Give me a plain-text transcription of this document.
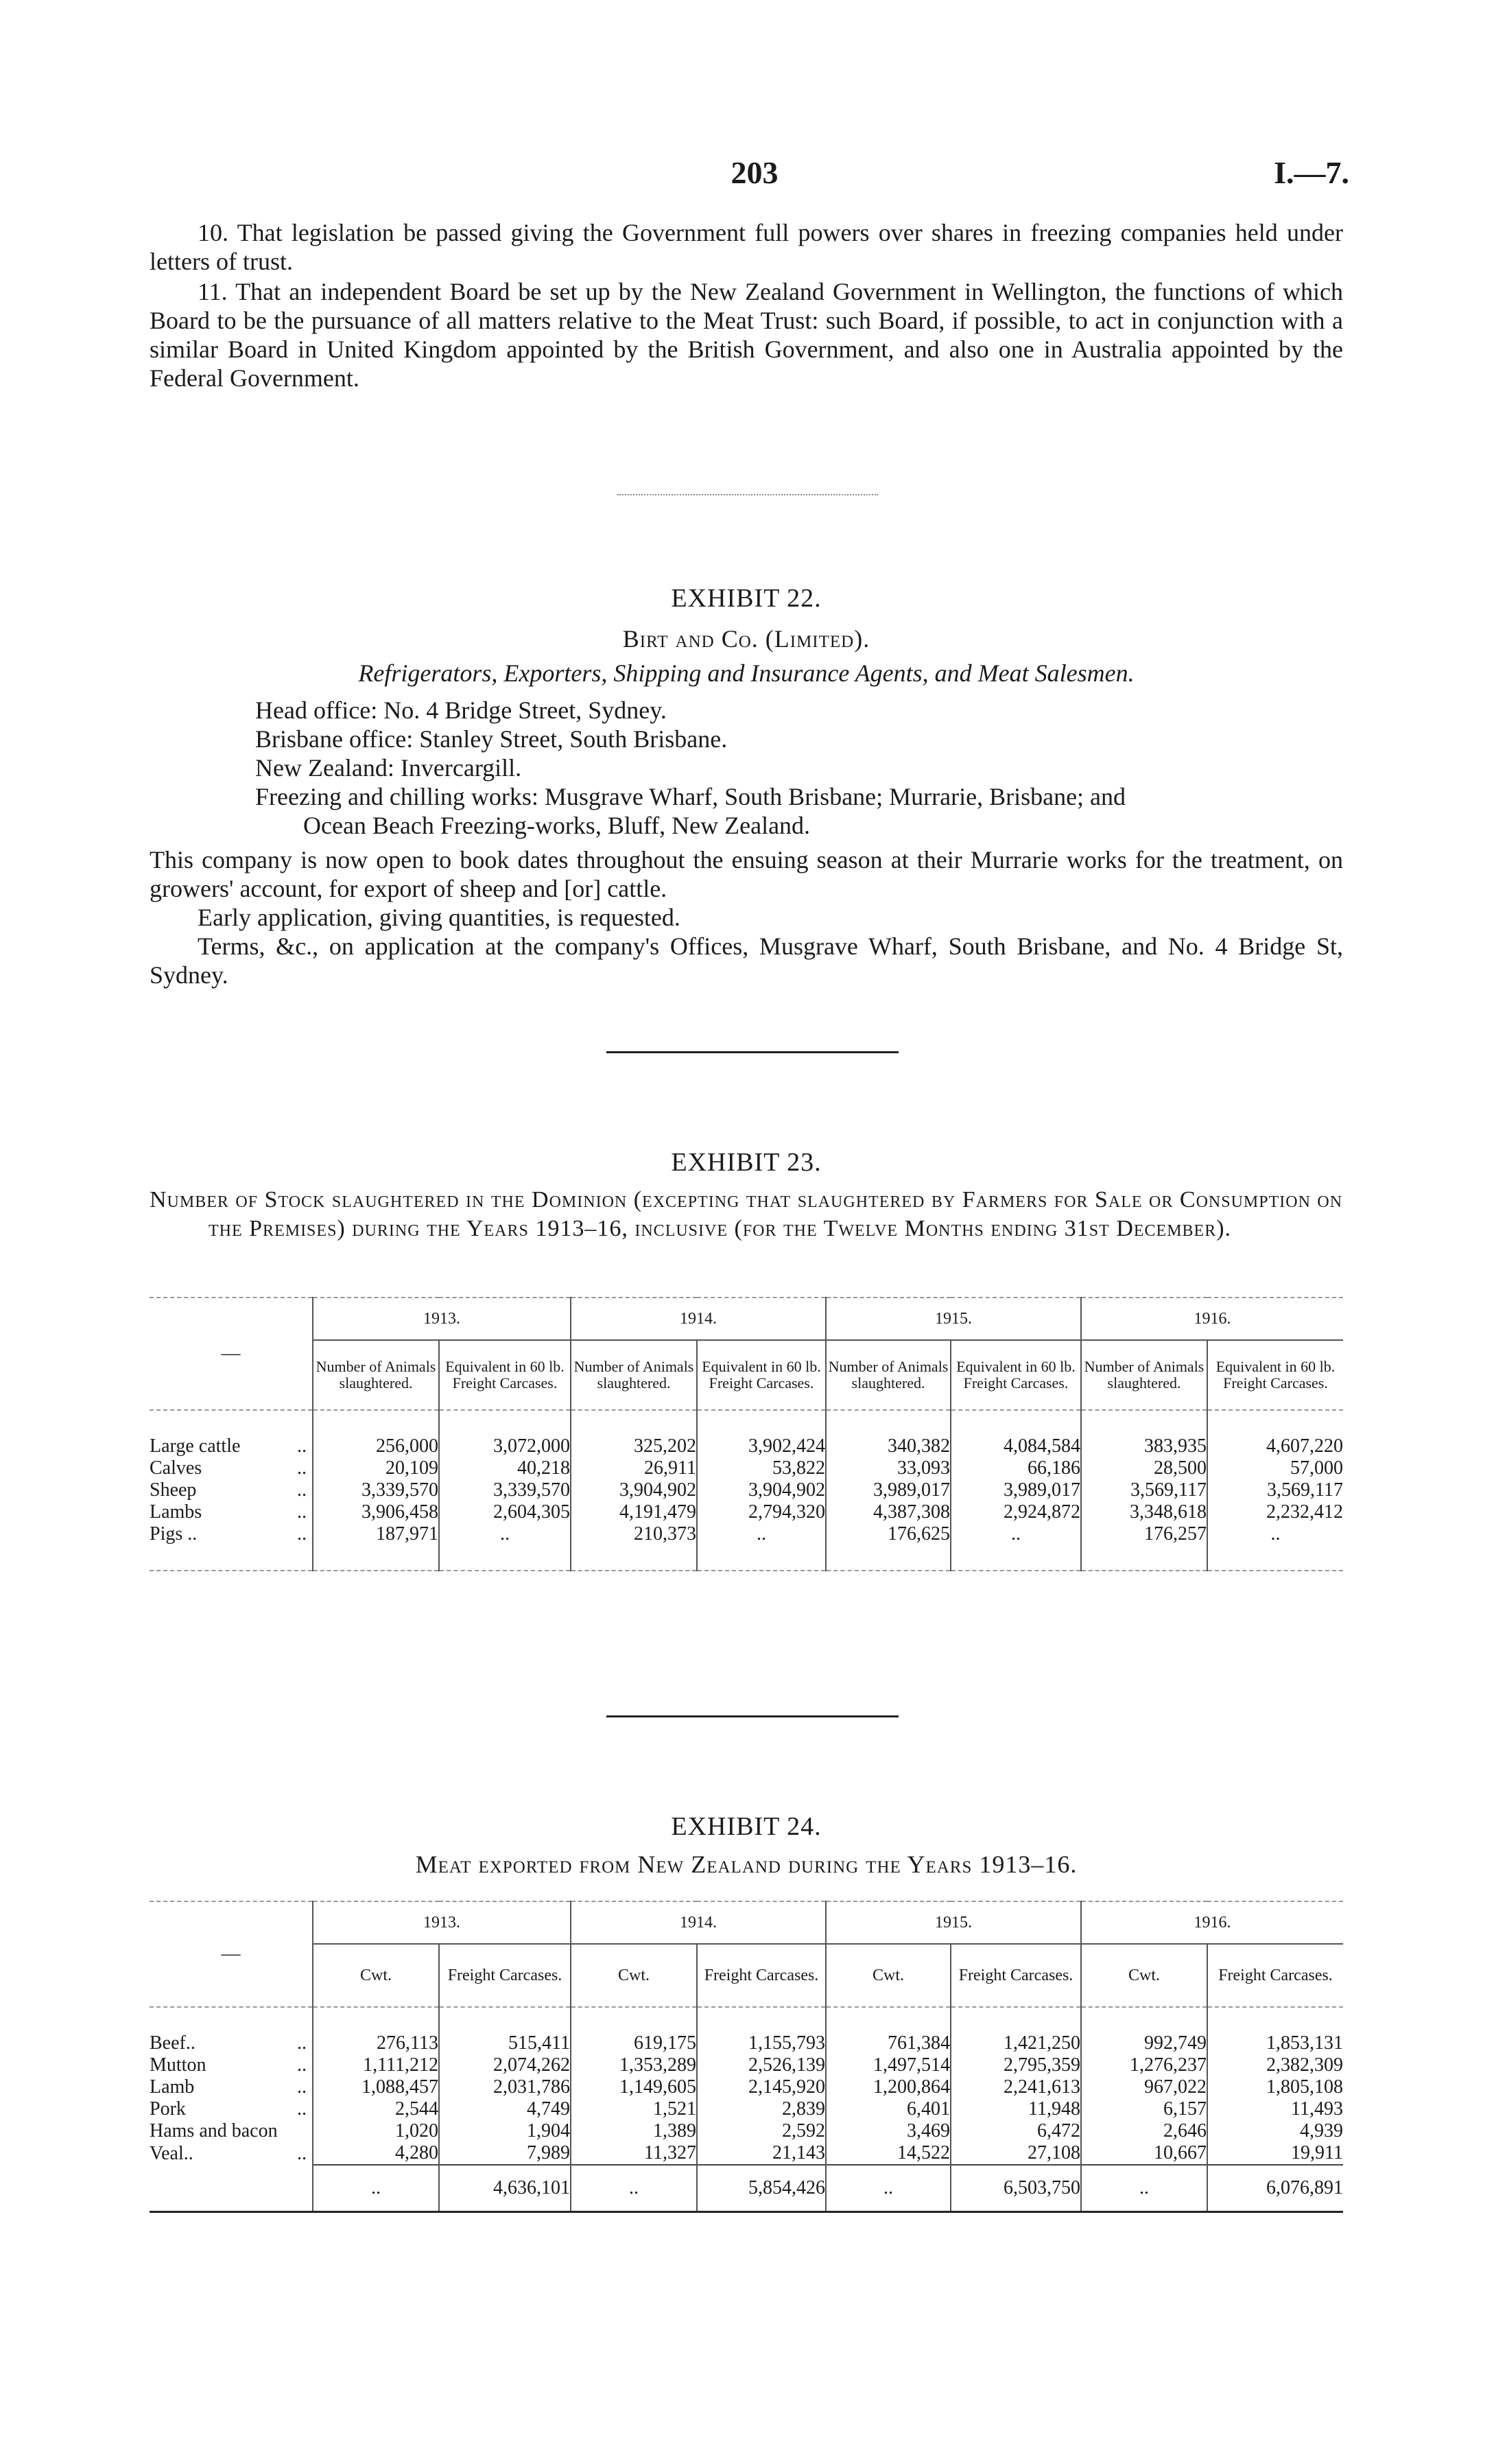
203	I.—7.
10. That legislation be passed giving the Government full powers over shares in freezing companies held under letters of trust.
11. That an independent Board be set up by the New Zealand Government in Wellington, the functions of which Board to be the pursuance of all matters relative to the Meat Trust: such Board, if possible, to act in conjunction with a similar Board in United Kingdom appointed by the British Government, and also one in Australia appointed by the Federal Government.
EXHIBIT 22.
Birt and Co. (Limited).
Refrigerators, Exporters, Shipping and Insurance Agents, and Meat Salesmen.
Head office: No. 4 Bridge Street, Sydney.
Brisbane office: Stanley Street, South Brisbane.
New Zealand: Invercargill.
Freezing and chilling works: Musgrave Wharf, South Brisbane; Murrarie, Brisbane; and
Ocean Beach Freezing-works, Bluff, New Zealand.
This company is now open to book dates throughout the ensuing season at their Murrarie works for the treatment, on growers' account, for export of sheep and [or] cattle.
Early application, giving quantities, is requested.
Terms, &c., on application at the company's Offices, Musgrave Wharf, South Brisbane, and No. 4 Bridge St, Sydney.
EXHIBIT 23.
Number of Stock slaughtered in the Dominion (excepting that slaughtered by Farmers for Sale or Consumption on the Premises) during the Years 1913–16, inclusive (for the Twelve Months ending 31st December).
—	1913.		1914.		1915.		1916.	
	Number of Animals slaughtered.	Equivalent in 60 lb. Freight Carcases.	Number of Animals slaughtered.	Equivalent in 60 lb. Freight Carcases.	Number of Animals slaughtered.	Equivalent in 60 lb. Freight Carcases.	Number of Animals slaughtered.	Equivalent in 60 lb. Freight Carcases.

Large cattle ..	256,000	3,072,000	325,202	3,902,424	340,382	4,084,584	383,935	4,607,220
Calves ..	20,109	40,218	26,911	53,822	33,093	66,186	28,500	57,000
Sheep ..	3,339,570	3,339,570	3,904,902	3,904,902	3,989,017	3,989,017	3,569,117	3,569,117
Lambs ..	3,906,458	2,604,305	4,191,479	2,794,320	4,387,308	2,924,872	3,348,618	2,232,412
Pigs .. ..	187,971	..	210,373	..	176,625	..	176,257	..

EXHIBIT 24.
Meat exported from New Zealand during the Years 1913–16.
—	1913.		1914.		1915.		1916.	
	Cwt.	Freight Carcases.	Cwt.	Freight Carcases.	Cwt.	Freight Carcases.	Cwt.	Freight Carcases.

Beef.. ..	276,113	515,411	619,175	1,155,793	761,384	1,421,250	992,749	1,853,131
Mutton ..	1,111,212	2,074,262	1,353,289	2,526,139	1,497,514	2,795,359	1,276,237	2,382,309
Lamb ..	1,088,457	2,031,786	1,149,605	2,145,920	1,200,864	2,241,613	967,022	1,805,108
Pork ..	2,544	4,749	1,521	2,839	6,401	11,948	6,157	11,493
Hams and bacon	1,020	1,904	1,389	2,592	3,469	6,472	2,646	4,939
Veal.. ..	4,280	7,989	11,327	21,143	14,522	27,108	10,667	19,911
	..	4,636,101	..	5,854,426	..	6,503,750	..	6,076,891
